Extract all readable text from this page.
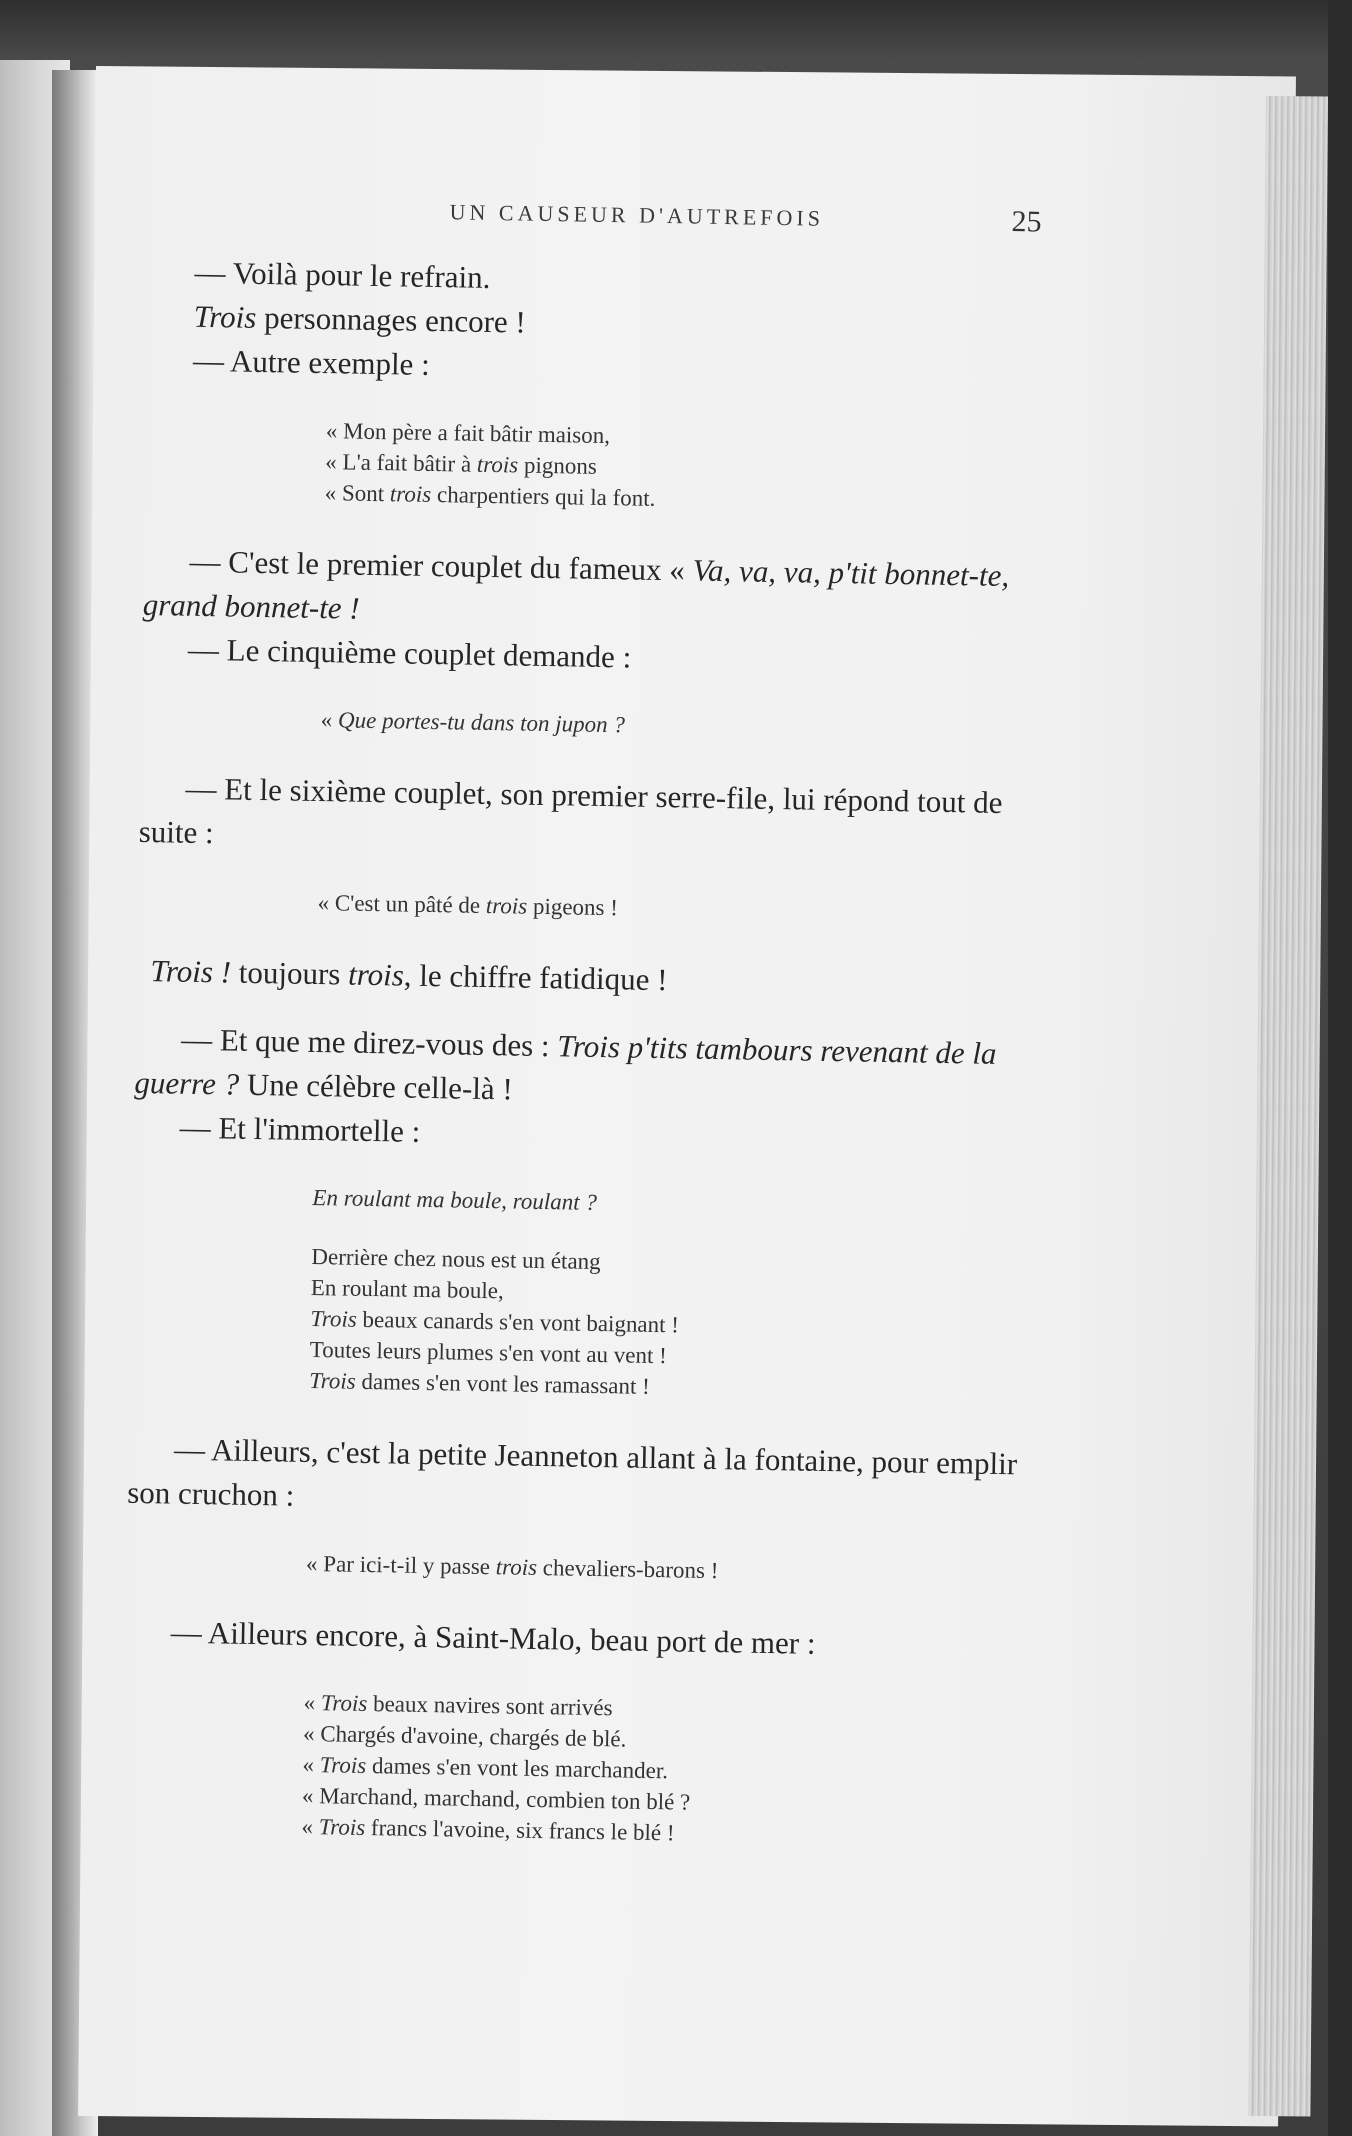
UN CAUSEUR D'AUTREFOIS	25

— Voilà pour le refrain.

Trois personnages encore !

— Autre exemple :

« Mon père a fait bâtir maison,

« L'a fait bâtir à trois pignons

« Sont trois charpentiers qui la font.

— C'est le premier couplet du fameux « Va, va, va, p'tit bonnet-te, grand bonnet-te !

— Le cinquième couplet demande :

« Que portes-tu dans ton jupon ?

— Et le sixième couplet, son premier serre-file, lui répond tout de suite :

« C'est un pâté de trois pigeons !

Trois ! toujours trois, le chiffre fatidique !

— Et que me direz-vous des : Trois p'tits tambours revenant de la guerre ? Une célèbre celle-là !

— Et l'immortelle :

En roulant ma boule, roulant ?

Derrière chez nous est un étang

En roulant ma boule,

Trois beaux canards s'en vont baignant !

Toutes leurs plumes s'en vont au vent !

Trois dames s'en vont les ramassant !

— Ailleurs, c'est la petite Jeanneton allant à la fontaine, pour emplir son cruchon :

« Par ici-t-il y passe trois chevaliers-barons !

— Ailleurs encore, à Saint-Malo, beau port de mer :

« Trois beaux navires sont arrivés

« Chargés d'avoine, chargés de blé.

« Trois dames s'en vont les marchander.

« Marchand, marchand, combien ton blé ?

« Trois francs l'avoine, six francs le blé !
